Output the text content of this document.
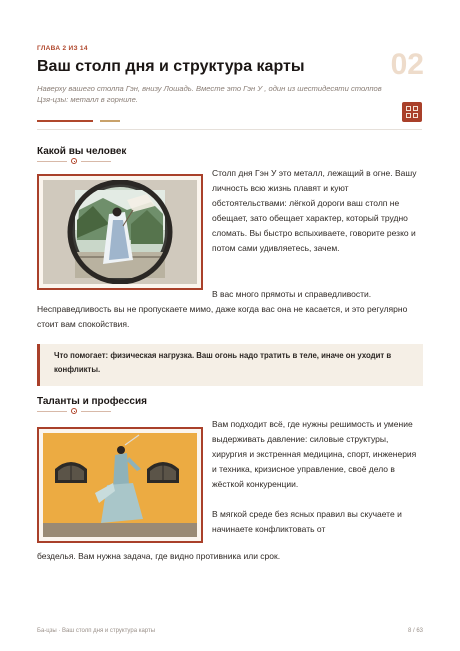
ГЛАВА 2 ИЗ 14	02
Ваш столп дня и структура карты

Наверху вашего столпа Гэн, внизу Лошадь. Вместе это Гэн У , один из шестидесяти столпов Цзя-цзы: металл в горниле.

Какой вы человек

Столп дня Гэн У это металл, лежащий в огне. Вашу личность всю жизнь плавят и куют обстоятельствами: лёгкой дороги ваш столп не обещает, зато обещает характер, который трудно сломать. Вы быстро вспыхиваете, говорите резко и потом сами удивляетесь, зачем.

В вас много прямоты и справедливости.

Несправедливость вы не пропускаете мимо, даже когда вас она не касается, и это регулярно стоит вам спокойствия.

Что помогает: физическая нагрузка. Ваш огонь надо тратить в теле, иначе он уходит в конфликты.

Таланты и профессия

Вам подходит всё, где нужны решимость и умение выдерживать давление: силовые структуры, хирургия и экстренная медицина, спорт, инженерия и техника, кризисное управление, своё дело в жёсткой конкуренции.

В мягкой среде без ясных правил вы скучаете и начинаете конфликтовать от

безделья. Вам нужна задача, где видно противника или срок.

Ба-цзы · Ваш столп дня и структура карты	8 / 63
